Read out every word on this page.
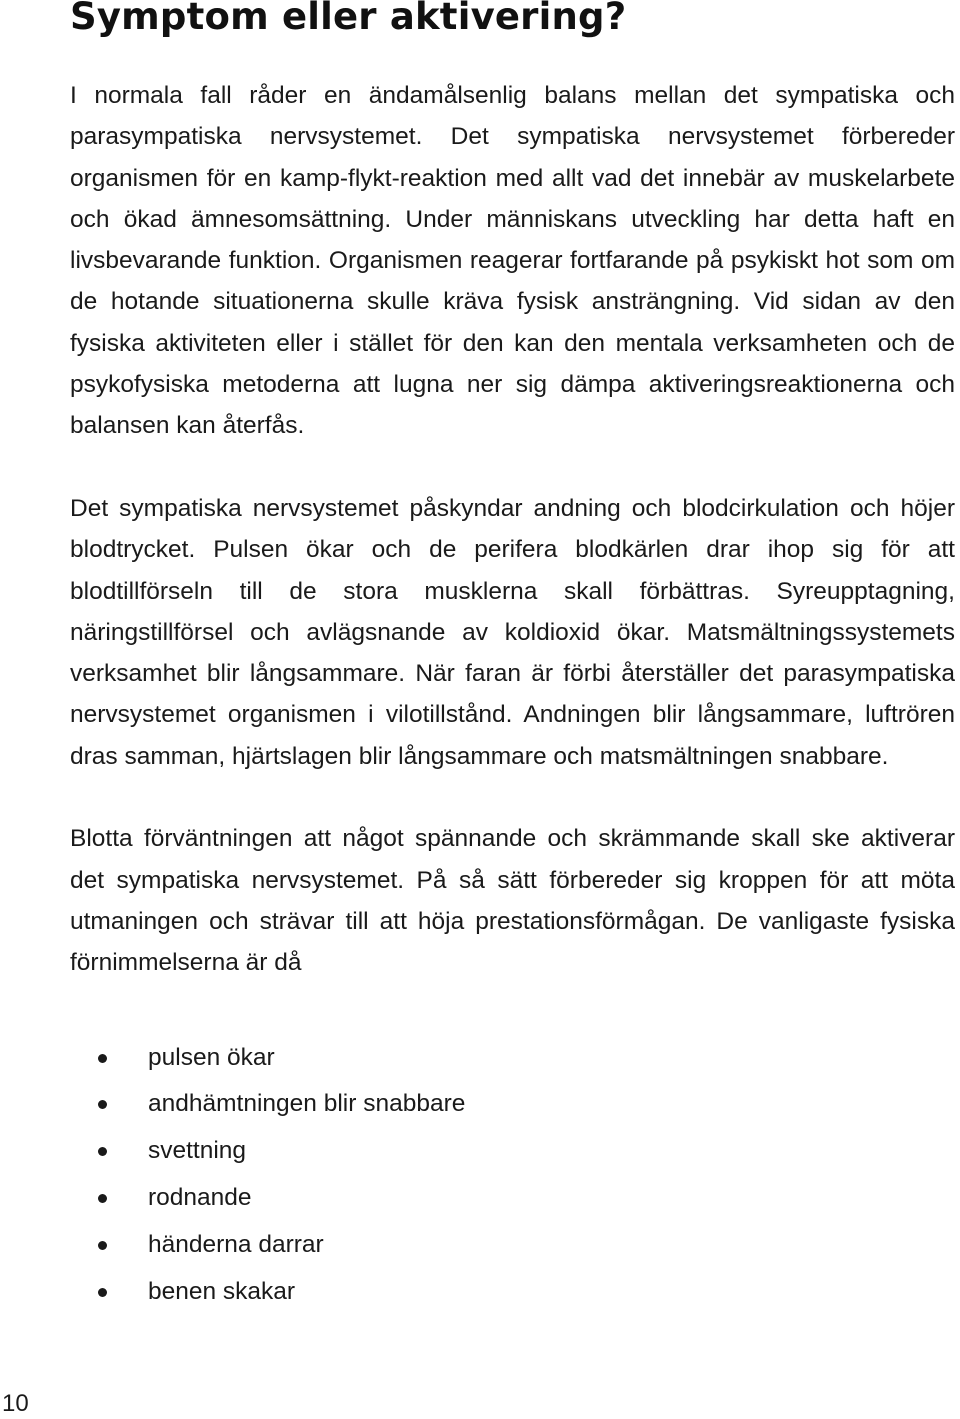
Symptom eller aktivering?

I normala fall råder en ändamålsenlig balans mellan det sympatiska och parasympatiska nervsystemet. Det sympatiska nervsystemet förbereder organismen för en kamp-flykt-reaktion med allt vad det innebär av muskelarbete och ökad ämnesomsättning. Under människans utveckling har detta haft en livsbevarande funktion. Organismen reagerar fortfarande på psykiskt hot som om de hotande situationerna skulle kräva fysisk ansträngning. Vid sidan av den fysiska aktiviteten eller i stället för den kan den mentala verksamheten och de psykofysiska metoderna att lugna ner sig dämpa aktiveringsreaktionerna och balansen kan återfås.

Det sympatiska nervsystemet påskyndar andning och blodcirkulation och höjer blodtrycket. Pulsen ökar och de perifera blodkärlen drar ihop sig för att blodtillförseln till de stora musklerna skall förbättras. Syreupptagning, näringstillförsel och avlägsnande av koldioxid ökar. Matsmältningssystemets verksamhet blir långsammare. När faran är förbi återställer det parasympatiska nervsystemet organismen i vilotillstånd. Andningen blir långsammare, luftrören dras samman, hjärtslagen blir långsammare och matsmältningen snabbare.

Blotta förväntningen att något spännande och skrämmande skall ske aktiverar det sympatiska nervsystemet. På så sätt förbereder sig kroppen för att möta utmaningen och strävar till att höja prestationsförmågan. De vanligaste fysiska förnimmelserna är då

pulsen ökar
andhämtningen blir snabbare
svettning
rodnande
händerna darrar
benen skakar
10
